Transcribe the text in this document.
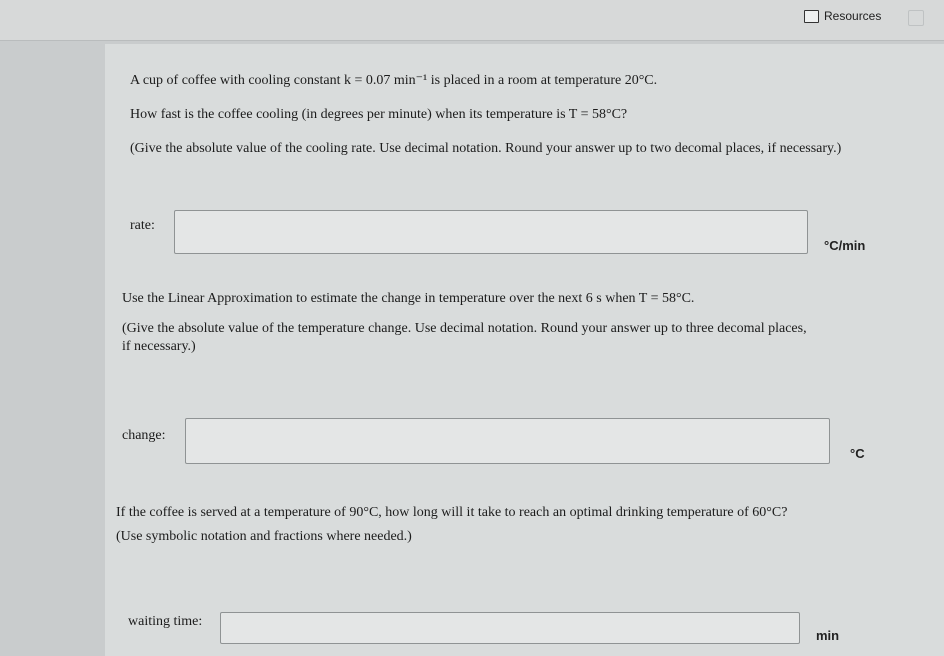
Resources
A cup of coffee with cooling constant k = 0.07 min⁻¹ is placed in a room at temperature 20°C.
How fast is the coffee cooling (in degrees per minute) when its temperature is T = 58°C?
(Give the absolute value of the cooling rate. Use decimal notation. Round your answer up to two decomal places, if necessary.)
rate:
°C/min
Use the Linear Approximation to estimate the change in temperature over the next 6 s when T = 58°C.
(Give the absolute value of the temperature change. Use decimal notation. Round your answer up to three decomal places,
if necessary.)
change:
°C
If the coffee is served at a temperature of 90°C, how long will it take to reach an optimal drinking temperature of 60°C?
(Use symbolic notation and fractions where needed.)
waiting time:
min
